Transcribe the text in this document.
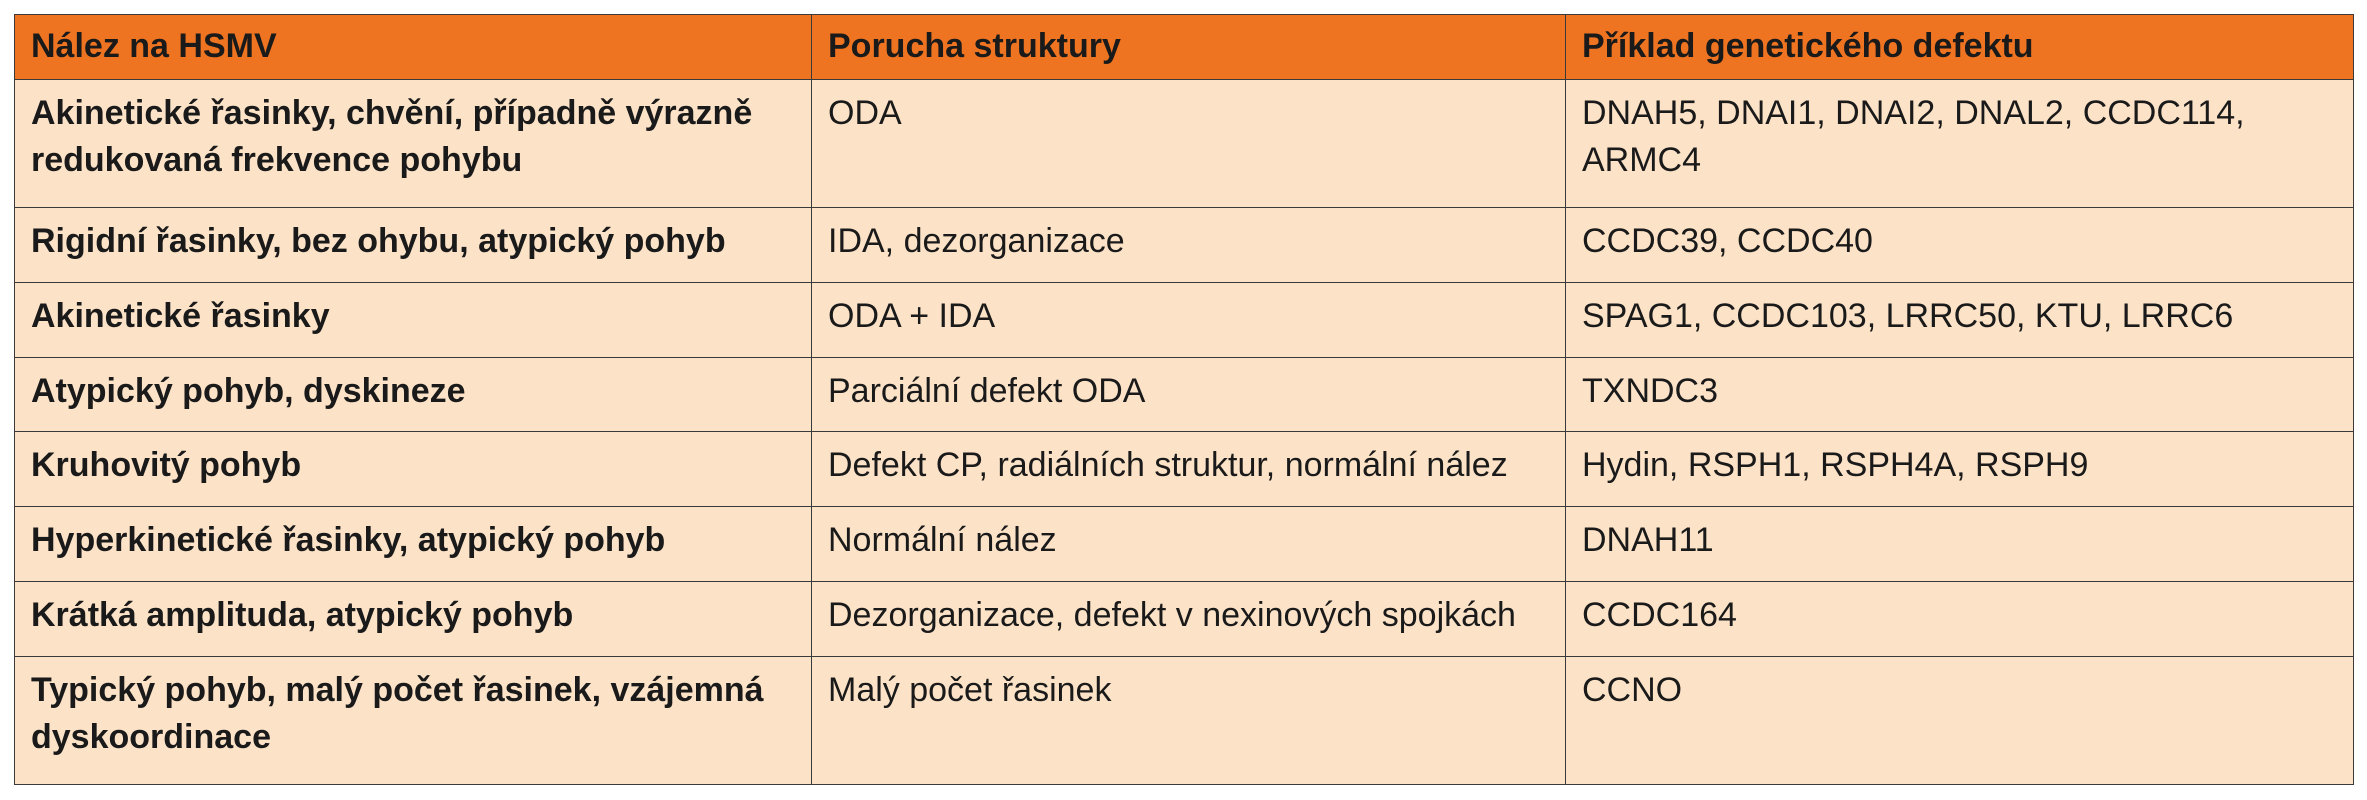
Nález na HSMV	Porucha struktury	Příklad genetického defektu
Akinetické řasinky, chvění, případně výrazně redukovaná frekvence pohybu	ODA	DNAH5, DNAI1, DNAI2, DNAL2, CCDC114, ARMC4
Rigidní řasinky, bez ohybu, atypický pohyb	IDA, dezorganizace	CCDC39, CCDC40
Akinetické řasinky	ODA + IDA	SPAG1, CCDC103, LRRC50, KTU, LRRC6
Atypický pohyb, dyskineze	Parciální defekt ODA	TXNDC3
Kruhovitý pohyb	Defekt CP, radiálních struktur, normální nález	Hydin, RSPH1, RSPH4A, RSPH9
Hyperkinetické řasinky, atypický pohyb	Normální nález	DNAH11
Krátká amplituda, atypický pohyb	Dezorganizace, defekt v nexinových spojkách	CCDC164
Typický pohyb, malý počet řasinek, vzájemná dyskoordinace	Malý počet řasinek	CCNO
